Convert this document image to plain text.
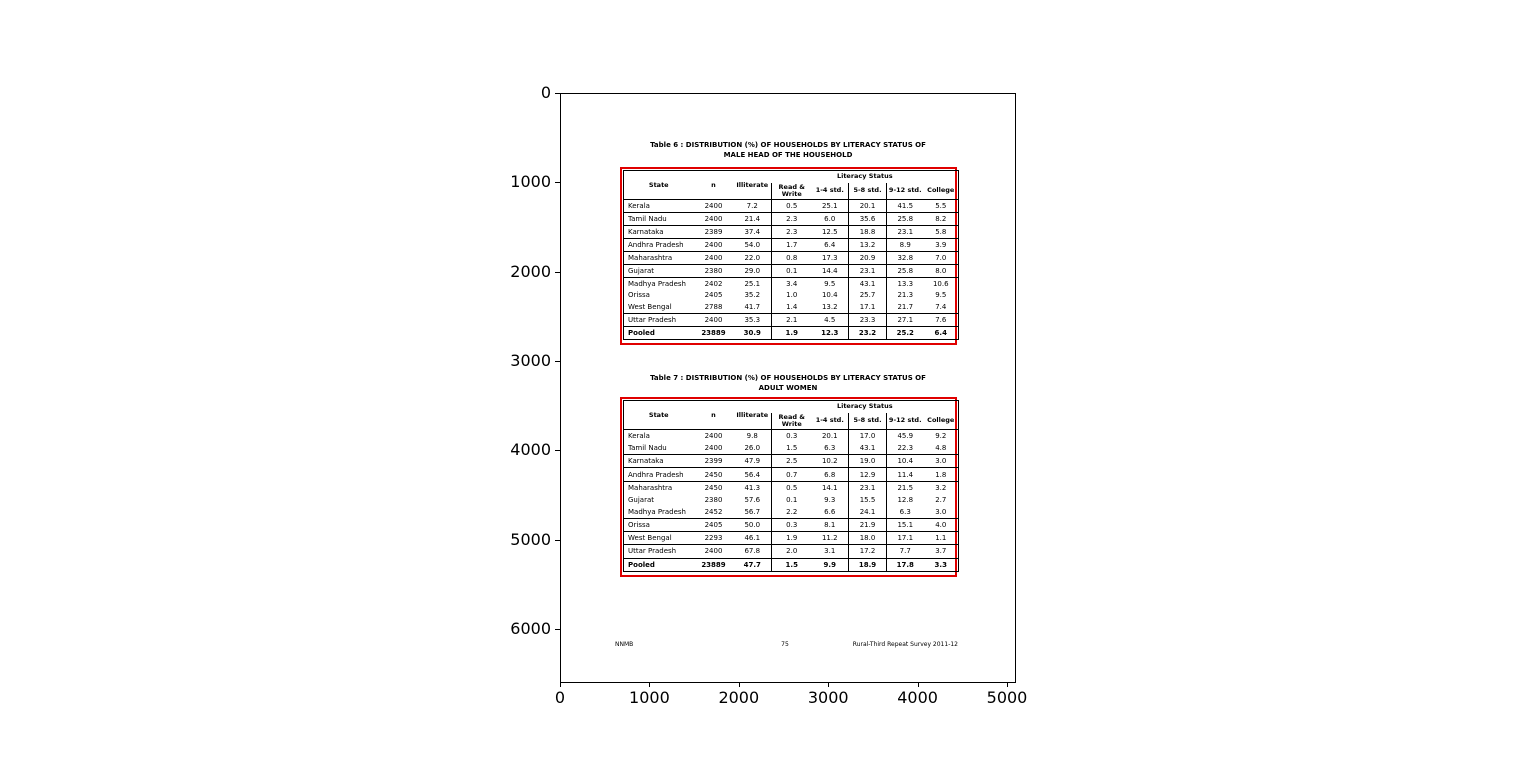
Table 6 : DISTRIBUTION (%) OF HOUSEHOLDS BY LITERACY STATUS OF
MALE HEAD OF THE HOUSEHOLD
State	n	Illiterate	Literacy Status				
			Read & Write	1-4 std.	5-8 std.	9-12 std.	College
Kerala	2400	7.2	0.5	25.1	20.1	41.5	5.5
Tamil Nadu	2400	21.4	2.3	6.0	35.6	25.8	8.2
Karnataka	2389	37.4	2.3	12.5	18.8	23.1	5.8
Andhra Pradesh	2400	54.0	1.7	6.4	13.2	8.9	3.9
Maharashtra	2400	22.0	0.8	17.3	20.9	32.8	7.0
Gujarat	2380	29.0	0.1	14.4	23.1	25.8	8.0
Madhya Pradesh	2402	25.1	3.4	9.5	43.1	13.3	10.6
Orissa	2405	35.2	1.0	10.4	25.7	21.3	9.5
West Bengal	2788	41.7	1.4	13.2	17.1	21.7	7.4
Uttar Pradesh	2400	35.3	2.1	4.5	23.3	27.1	7.6
Pooled	23889	30.9	1.9	12.3	23.2	25.2	6.4
Table 7 : DISTRIBUTION (%) OF HOUSEHOLDS BY LITERACY STATUS OF
ADULT WOMEN
State	n	Illiterate	Literacy Status				
			Read & Write	1-4 std.	5-8 std.	9-12 std.	College
Kerala	2400	9.8	0.3	20.1	17.0	45.9	9.2
Tamil Nadu	2400	26.0	1.5	6.3	43.1	22.3	4.8
Karnataka	2399	47.9	2.5	10.2	19.0	10.4	3.0
Andhra Pradesh	2450	56.4	0.7	6.8	12.9	11.4	1.8
Maharashtra	2450	41.3	0.5	14.1	23.1	21.5	3.2
Gujarat	2380	57.6	0.1	9.3	15.5	12.8	2.7
Madhya Pradesh	2452	56.7	2.2	6.6	24.1	6.3	3.0
Orissa	2405	50.0	0.3	8.1	21.9	15.1	4.0
West Bengal	2293	46.1	1.9	11.2	18.0	17.1	1.1
Uttar Pradesh	2400	67.8	2.0	3.1	17.2	7.7	3.7
Pooled	23889	47.7	1.5	9.9	18.9	17.8	3.3
NNMB	75	Rural-Third Repeat Survey 2011-12
0	1000	2000	3000	4000	5000
0
1000
2000
3000
4000
5000
6000
